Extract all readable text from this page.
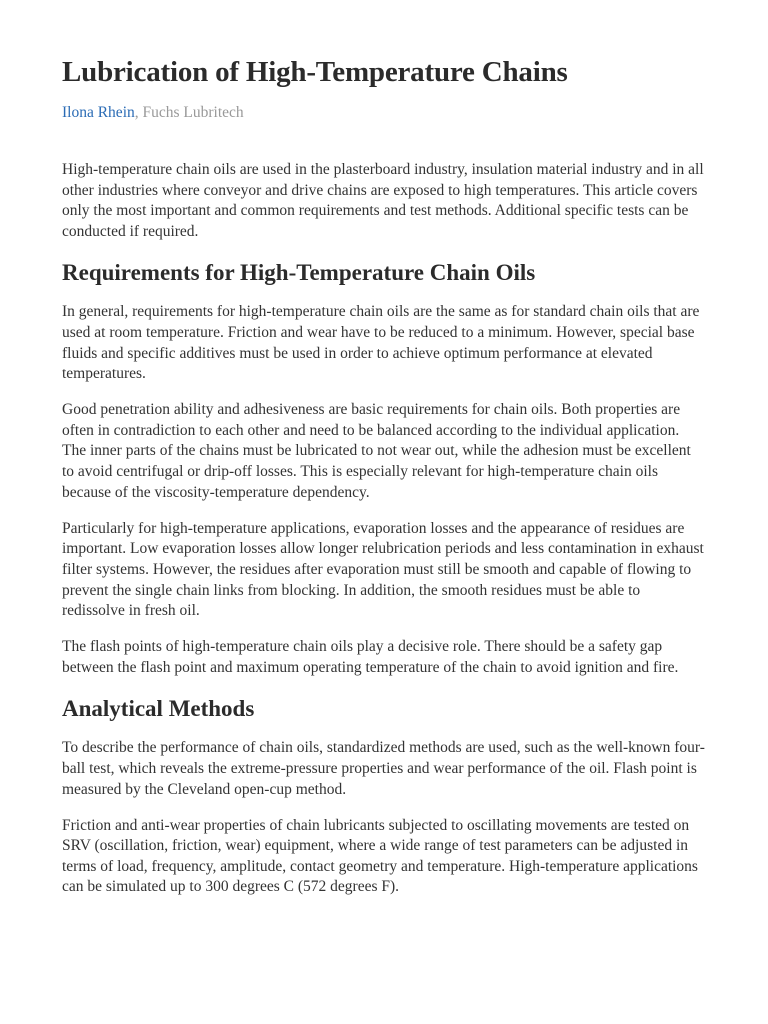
Lubrication of High-Temperature Chains
Ilona Rhein, Fuchs Lubritech

High-temperature chain oils are used in the plasterboard industry, insulation material industry and in all other industries where conveyor and drive chains are exposed to high temperatures. This article covers only the most important and common requirements and test methods. Additional specific tests can be conducted if required.

Requirements for High-Temperature Chain Oils

In general, requirements for high-temperature chain oils are the same as for standard chain oils that are used at room temperature. Friction and wear have to be reduced to a minimum. However, special base fluids and specific additives must be used in order to achieve optimum performance at elevated temperatures.

Good penetration ability and adhesiveness are basic requirements for chain oils. Both properties are often in contradiction to each other and need to be balanced according to the individual application. The inner parts of the chains must be lubricated to not wear out, while the adhesion must be excellent to avoid centrifugal or drip-off losses. This is especially relevant for high-temperature chain oils because of the viscosity-temperature dependency.

Particularly for high-temperature applications, evaporation losses and the appearance of residues are important. Low evaporation losses allow longer relubrication periods and less contamination in exhaust filter systems. However, the residues after evaporation must still be smooth and capable of flowing to prevent the single chain links from blocking. In addition, the smooth residues must be able to redissolve in fresh oil.

The flash points of high-temperature chain oils play a decisive role. There should be a safety gap between the flash point and maximum operating temperature of the chain to avoid ignition and fire.

Analytical Methods

To describe the performance of chain oils, standardized methods are used, such as the well-known four-ball test, which reveals the extreme-pressure properties and wear performance of the oil. Flash point is measured by the Cleveland open-cup method.

Friction and anti-wear properties of chain lubricants subjected to oscillating movements are tested on SRV (oscillation, friction, wear) equipment, where a wide range of test parameters can be adjusted in terms of load, frequency, amplitude, contact geometry and temperature. High-temperature applications can be simulated up to 300 degrees C (572 degrees F).
